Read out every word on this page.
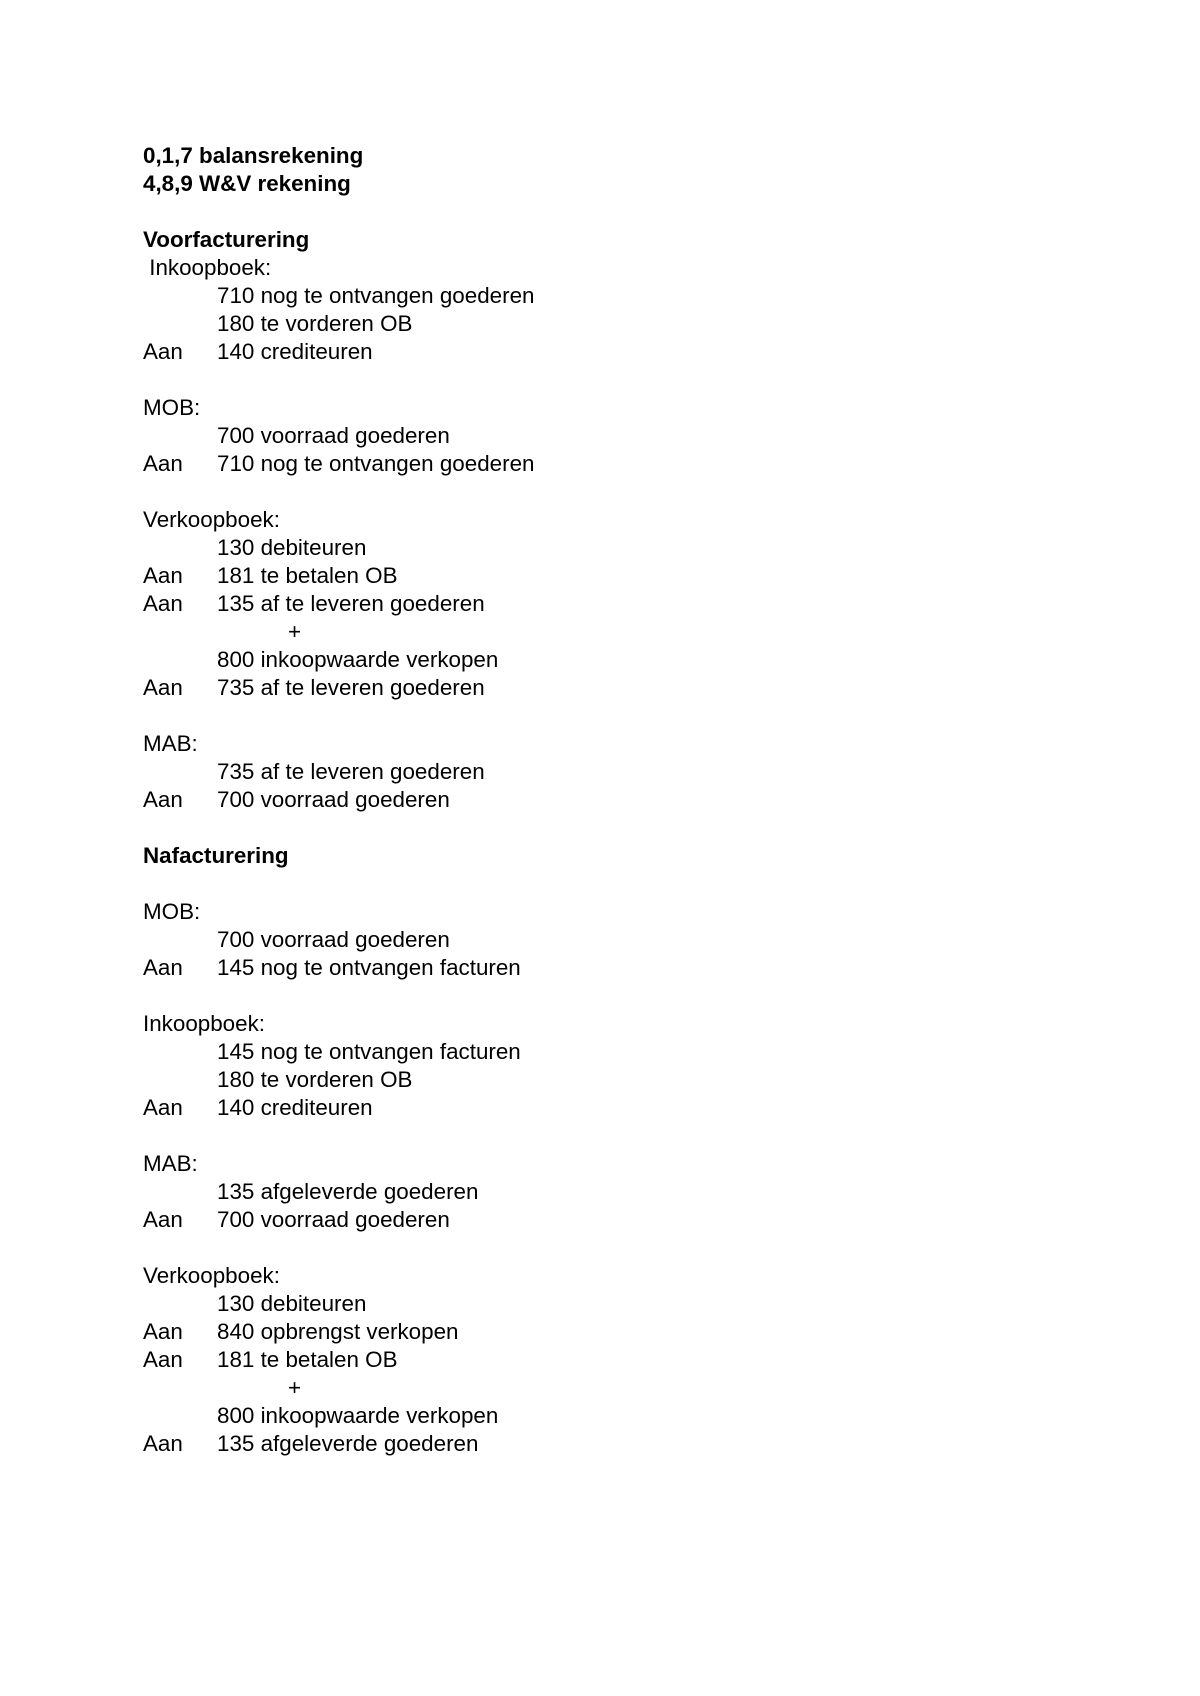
0,1,7 balansrekening
4,8,9 W&V rekening
Voorfacturering
Inkoopboek:
710 nog te ontvangen goederen
180 te vorderen OB
Aan 140 crediteuren
MOB:
700 voorraad goederen
Aan 710 nog te ontvangen goederen
Verkoopboek:
130 debiteuren
Aan 181 te betalen OB
Aan 135 af te leveren goederen
+
800 inkoopwaarde verkopen
Aan 735 af te leveren goederen
MAB:
735 af te leveren goederen
Aan 700 voorraad goederen
Nafacturering
MOB:
700 voorraad goederen
Aan 145 nog te ontvangen facturen
Inkoopboek:
145 nog te ontvangen facturen
180 te vorderen OB
Aan 140 crediteuren
MAB:
135 afgeleverde goederen
Aan 700 voorraad goederen
Verkoopboek:
130 debiteuren
Aan 840 opbrengst verkopen
Aan 181 te betalen OB
+
800 inkoopwaarde verkopen
Aan 135 afgeleverde goederen
